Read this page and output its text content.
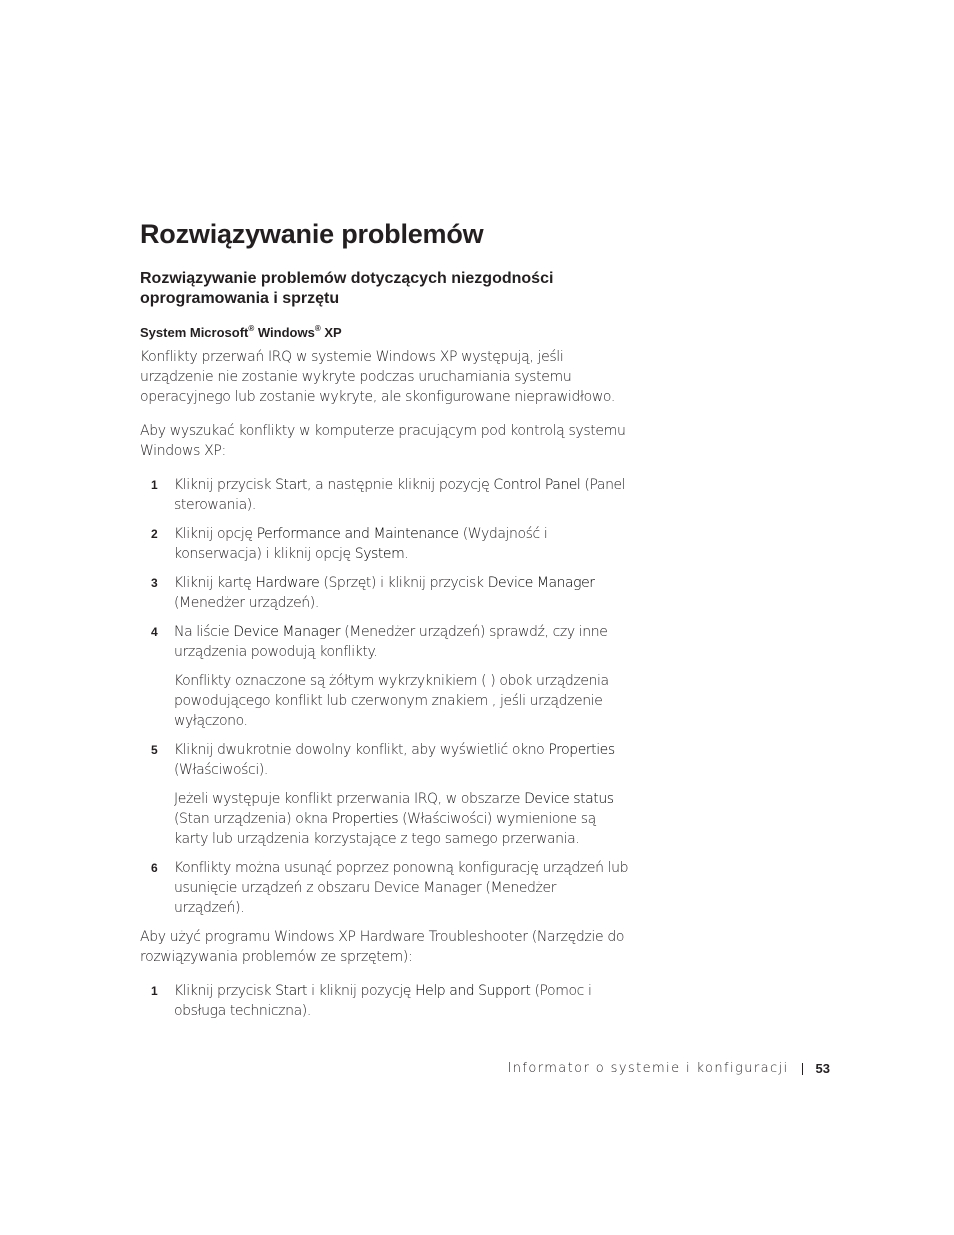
Rozwiązywanie problemów
Rozwiązywanie problemów dotyczących niezgodności oprogramowania i sprzętu
System Microsoft® Windows® XP

Konflikty przerwań IRQ w systemie Windows XP występują, jeśli urządzenie nie zostanie wykryte podczas uruchamiania systemu operacyjnego lub zostanie wykryte, ale skonfigurowane nieprawidłowo.

Aby wyszukać konflikty w komputerze pracującym pod kontrolą systemu Windows XP:

1 Kliknij przycisk Start, a następnie kliknij pozycję Control Panel (Panel sterowania).

2 Kliknij opcję Performance and Maintenance (Wydajność i konserwacja) i kliknij opcję System.

3 Kliknij kartę Hardware (Sprzęt) i kliknij przycisk Device Manager (Menedżer urządzeń).

4 Na liście Device Manager (Menedżer urządzeń) sprawdź, czy inne urządzenia powodują konflikty.

Konflikty oznaczone są żółtym wykrzyknikiem ( ) obok urządzenia powodującego konflikt lub czerwonym znakiem , jeśli urządzenie wyłączono.

5 Kliknij dwukrotnie dowolny konflikt, aby wyświetlić okno Properties (Właściwości).

Jeżeli występuje konflikt przerwania IRQ, w obszarze Device status (Stan urządzenia) okna Properties (Właściwości) wymienione są karty lub urządzenia korzystające z tego samego przerwania.

6 Konflikty można usunąć poprzez ponowną konfigurację urządzeń lub usunięcie urządzeń z obszaru Device Manager (Menedżer urządzeń).

Aby użyć programu Windows XP Hardware Troubleshooter (Narzędzie do rozwiązywania problemów ze sprzętem):

1 Kliknij przycisk Start i kliknij pozycję Help and Support (Pomoc i obsługa techniczna).

Informator o systemie i konfiguracji 53
